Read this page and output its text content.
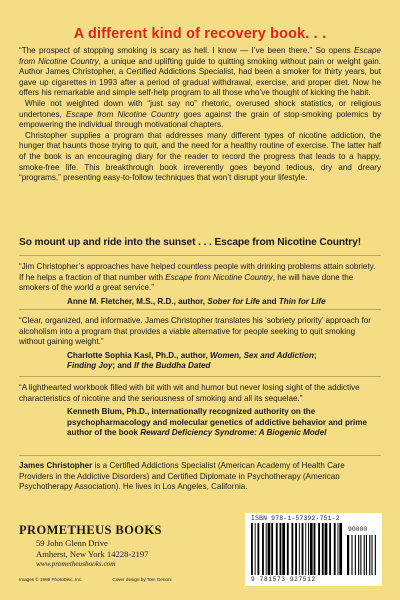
A different kind of recovery book. . .

“The prospect of stopping smoking is scary as hell. I know — I’ve been there.” So opens Escape from Nicotine Country, a unique and uplifting guide to quitting smoking without pain or weight gain. Author James Christopher, a Certified Addictions Specialist, had been a smoker for thirty years, but gave up cigarettes in 1993 after a period of gradual withdrawal, exercise, and proper diet. Now he offers his remarkable and simple self-help program to all those who’ve thought of kicking the habit.

While not weighted down with “just say no” rhetoric, overused shock statistics, or religious undertones, Escape from Nicotine Country goes against the grain of stop-smoking polemics by empowering the individual through motivational chapters.

Christopher supplies a program that addresses many different types of nicotine addiction, the hunger that haunts those trying to quit, and the need for a healthy routine of exercise. The latter half of the book is an encouraging diary for the reader to record the progress that leads to a happy, smoke-free life. This breakthrough book irreverently goes beyond tedious, dry and dreary “programs,” presenting easy-to-follow techniques that won’t disrupt your lifestyle.

So mount up and ride into the sunset . . . Escape from Nicotine Country!

“Jim Christopher’s approaches have helped countless people with drinking problems attain sobriety. If he helps a fraction of that number with Escape from Nicotine Country, he will have done the smokers of the world a great service.”

Anne M. Fletcher, M.S., R.D., author, Sober for Life and Thin for Life

“Clear, organized, and informative. James Christopher translates his ‘sobriety priority’ approach for alcoholism into a program that provides a viable alternative for people seeking to quit smoking without gaining weight.”

Charlotte Sophia Kasl, Ph.D., author, Women, Sex and Addiction;
Finding Joy; and If the Buddha Dated

“A lighthearted workbook filled with bit with wit and humor but never losing sight of the addictive characteristics of nicotine and the seriousness of smoking and all its sequelae.”

Kenneth Blum, Ph.D., internationally recognized authority on the psychopharmacology and molecular genetics of addictive behavior and prime author of the book Reward Deficiency Syndrome: A Biogenic Model
James Christopher is a Certified Addictions Specialist (American Academy of Health Care Providers in the Addictive Disorders) and Certified Diplomate in Psychotherapy (American Psychotherapy Association). He lives in Los Angeles, California.
PROMETHEUS BOOKS
59 John Glenn Drive
Amherst, New York 14228-2197
www.prometheusbooks.com
Images © 1999 PhotoDisc, Inc.	Cover design by Tom Genoni
ISBN 978-1-57392-751-2
90000
9 781573 927512
